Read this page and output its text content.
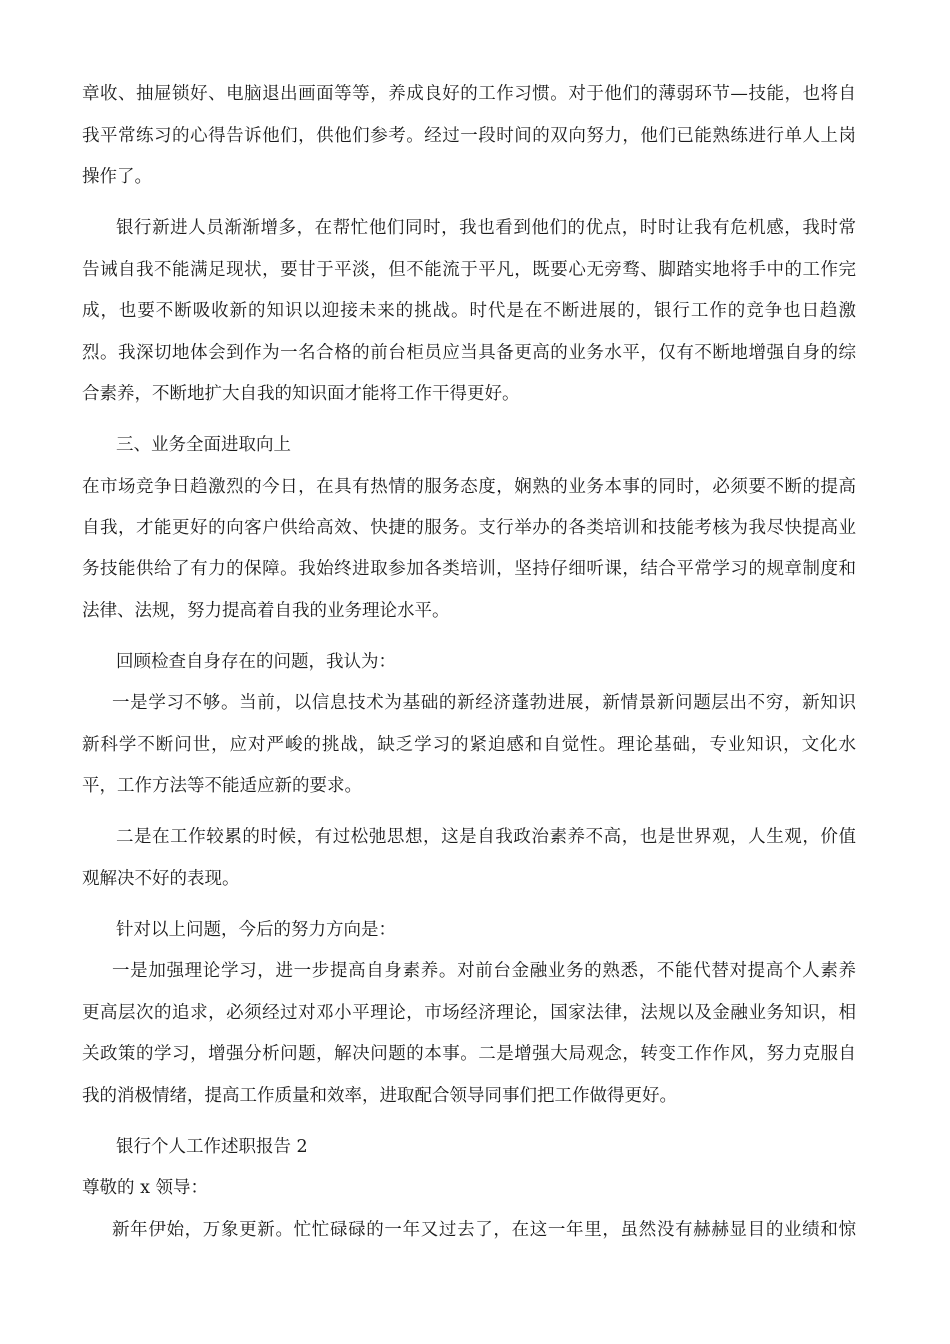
章收、抽屉锁好、电脑退出画面等等，养成良好的工作习惯。对于他们的薄弱环节—技能，也将自
我平常练习的心得告诉他们，供他们参考。经过一段时间的双向努力，他们已能熟练进行单人上岗
操作了。
银行新进人员渐渐增多，在帮忙他们同时，我也看到他们的优点，时时让我有危机感，我时常
告诫自我不能满足现状，要甘于平淡，但不能流于平凡，既要心无旁骛、脚踏实地将手中的工作完
成，也要不断吸收新的知识以迎接未来的挑战。时代是在不断进展的，银行工作的竞争也日趋激
烈。我深切地体会到作为一名合格的前台柜员应当具备更高的业务水平，仅有不断地增强自身的综
合素养，不断地扩大自我的知识面才能将工作干得更好。
三、业务全面进取向上
在市场竞争日趋激烈的今日，在具有热情的服务态度，娴熟的业务本事的同时，必须要不断的提高
自我，才能更好的向客户供给高效、快捷的服务。支行举办的各类培训和技能考核为我尽快提高业
务技能供给了有力的保障。我始终进取参加各类培训，坚持仔细听课，结合平常学习的规章制度和
法律、法规，努力提高着自我的业务理论水平。
回顾检查自身存在的问题，我认为：
一是学习不够。当前，以信息技术为基础的新经济蓬勃进展，新情景新问题层出不穷，新知识
新科学不断问世，应对严峻的挑战，缺乏学习的紧迫感和自觉性。理论基础，专业知识，文化水
平，工作方法等不能适应新的要求。
二是在工作较累的时候，有过松弛思想，这是自我政治素养不高，也是世界观，人生观，价值
观解决不好的表现。
针对以上问题，今后的努力方向是：
一是加强理论学习，进一步提高自身素养。对前台金融业务的熟悉，不能代替对提高个人素养
更高层次的追求，必须经过对邓小平理论，市场经济理论，国家法律，法规以及金融业务知识，相
关政策的学习，增强分析问题，解决问题的本事。二是增强大局观念，转变工作作风，努力克服自
我的消极情绪，提高工作质量和效率，进取配合领导同事们把工作做得更好。
银行个人工作述职报告 2
尊敬的 x 领导：
新年伊始，万象更新。忙忙碌碌的一年又过去了，在这一年里，虽然没有赫赫显目的业绩和惊
